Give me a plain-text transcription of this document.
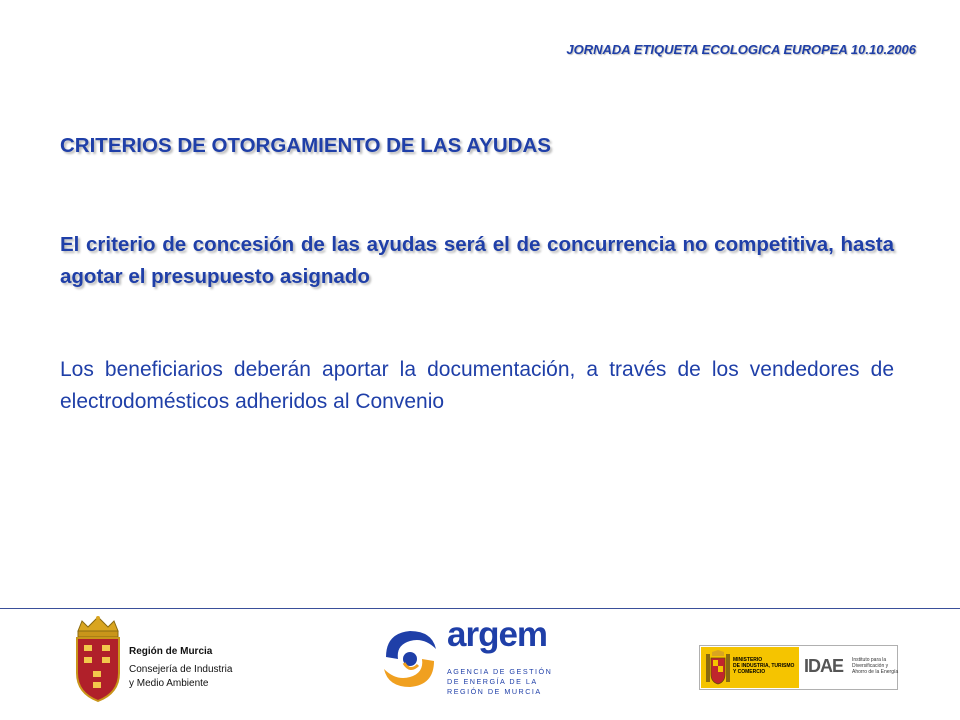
JORNADA ETIQUETA ECOLOGICA EUROPEA 10.10.2006
CRITERIOS DE OTORGAMIENTO DE LAS AYUDAS
El criterio de concesión de las ayudas será el de concurrencia no competitiva, hasta agotar el presupuesto asignado
Los beneficiarios deberán aportar la documentación, a través de los vendedores de electrodomésticos adheridos al Convenio
Región de Murcia
Consejería de Industria
y Medio Ambiente
argem
AGENCIA DE GESTIÓN
DE ENERGÍA DE LA
REGIÓN DE MURCIA
MINISTERIO
DE INDUSTRIA, TURISMO
Y COMERCIO	IDAE Instituto para la
Diversificación y
Ahorro de la Energía
